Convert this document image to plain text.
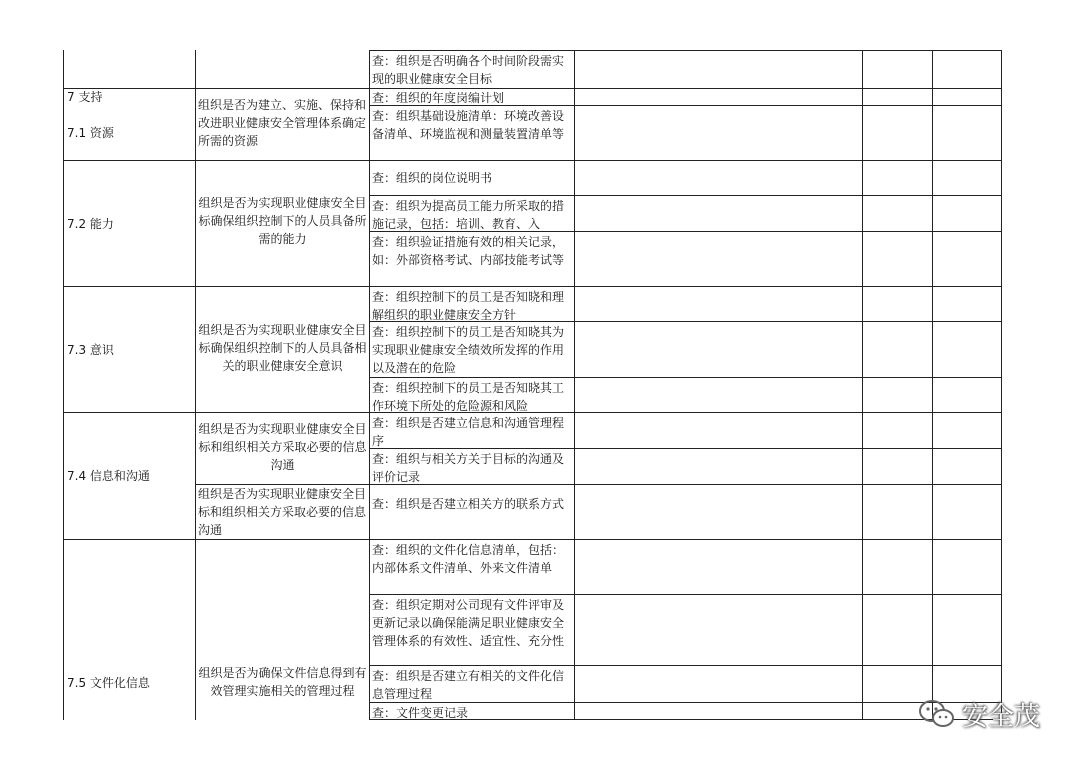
查：组织是否明确各个时间阶段需实现的职业健康安全目标
7 支持
7.1 资源
组织是否为建立、实施、保持和改进职业健康安全管理体系确定所需的资源
查：组织的年度岗编计划
查：组织基础设施清单：环境改善设备清单、环境监视和测量装置清单等
7.2 能力
组织是否为实现职业健康安全目标确保组织控制下的人员具备所需的能力
查：组织的岗位说明书
查：组织为提高员工能力所采取的措施记录，包括：培训、教育、入
查：组织验证措施有效的相关记录，如：外部资格考试、内部技能考试等
7.3 意识
组织是否为实现职业健康安全目标确保组织控制下的人员具备相关的职业健康安全意识
查：组织控制下的员工是否知晓和理解组织的职业健康安全方针
查：组织控制下的员工是否知晓其为实现职业健康安全绩效所发挥的作用以及潜在的危险
查：组织控制下的员工是否知晓其工作环境下所处的危险源和风险
7.4 信息和沟通
组织是否为实现职业健康安全目标和组织相关方采取必要的信息沟通
组织是否为实现职业健康安全目标和组织相关方采取必要的信息沟通
查：组织是否建立信息和沟通管理程序
查：组织与相关方关于目标的沟通及评价记录
查：组织是否建立相关方的联系方式
7.5 文件化信息
组织是否为确保文件信息得到有效管理实施相关的管理过程
查：组织的文件化信息清单，包括：内部体系文件清单、外来文件清单
查：组织定期对公司现有文件评审及更新记录以确保能满足职业健康安全管理体系的有效性、适宜性、充分性
查：组织是否建立有相关的文件化信息管理过程
查：文件变更记录	安全茂
